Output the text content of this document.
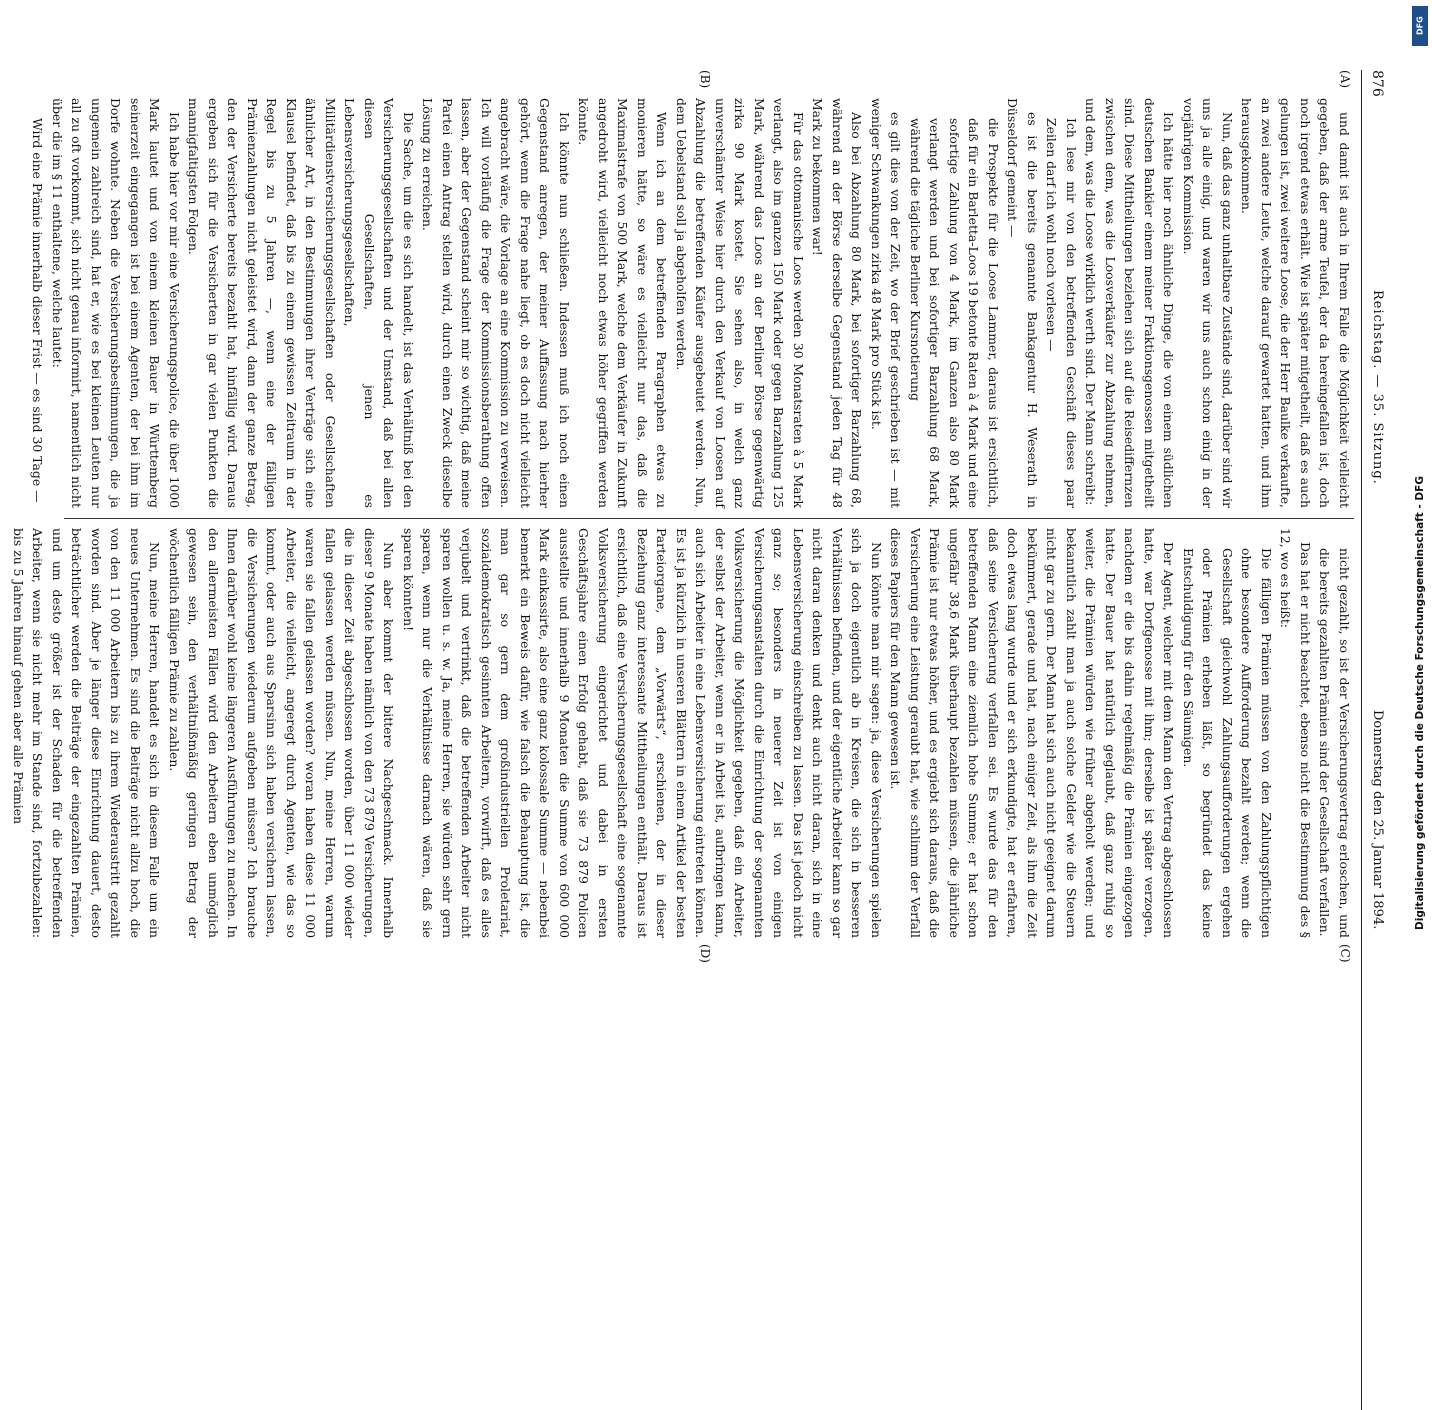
876
Reichstag. — 35. Sitzung.
Donnerstag den 25. Januar 1894.
(A)
(B)
(C)
(D)

und damit ist auch in Ihrem Falle die Möglichkeit vielleicht gegeben, daß der arme Teufel, der da hereingefallen ist, doch noch irgend etwas erhält. Wie ist später mitgetheilt, daß es auch gelungen ist, zwei weitere Loose, die der Herr Baulke verkaufte, an zwei andere Leute, welche darauf gewartet hatten, und ihm herausgekommen.

Nun, daß das ganz unhaltbare Zustände sind, darüber sind wir uns ja alle einig, und waren wir uns auch schon einig in der vorjährigen Kommission.

Ich hätte hier noch ähnliche Dinge, die von einem südlichen deutschen Bankier einem meiner Fraktionsgenossen mitgetheilt sind. Diese Mittheilungen beziehen sich auf die Reisediffernzen zwischen dem, was die Loosverkäufer zur Abzahlung nehmen, und dem, was die Loose wirklich werth sind. Der Mann schreibt:

Ich lese mir von den betreffenden Geschäft dieses paar Zeilen darf ich wohl noch vorlesen —

es ist die bereits genannte Bankagentur H. Weserath in Düsseldorf gemeint —

die Prospekte für die Loose Lammer, daraus ist ersichtlich, daß für ein Barletta-Loos 19 betonte Raten à 4 Mark und eine sofortige Zahlung von 4 Mark, im Ganzen also 80 Mark verlangt werden und bei sofortiger Barzahlung 68 Mark, während die tägliche Berliner Kursnotierung

es gilt dies von der Zeit, wo der Brief geschrieben ist — mit weniger Schwankungen zirka 48 Mark pro Stück ist.

Also bei Abzahlung 80 Mark, bei sofortiger Barzahlung 68, während an der Börse derselbe Gegenstand jeden Tag für 48 Mark zu bekommen war!

Für das ottomanische Loos werden 30 Monatsraten à 5 Mark verlangt, also im ganzen 150 Mark oder gegen Barzahlung 125 Mark, während das Loos an der Berliner Börse gegenwärtig zirka 90 Mark kostet. Sie sehen also, in welch ganz unverschämter Weise hier durch den Verkauf von Loosen auf Abzahlung die betreffenden Käufer ausgebeutet werden. Nun, dem Uebelstand soll ja abgeholfen werden.

Wenn ich an dem betreffenden Paragraphen etwas zu monieren hätte, so wäre es vielleicht nur das, daß die Maximalstrafe von 500 Mark, welche dem Verkäufer in Zukunft angedroht wird, vielleicht noch etwas höher gegriffen werden könnte.

Ich könnte nun schließen. Indessen muß ich noch einen Gegenstand anregen, der meiner Auffassung nach hierher gehört, wenn die Frage nahe liegt, ob es doch nicht vielleicht angebracht wäre, die Vorlage an eine Kommission zu verweisen. Ich will vorläufig die Frage der Kommissionsberathung offen lassen, aber der Gegenstand scheint mir so wichtig, daß meine Partei einen Antrag stellen wird, durch einen Zweck dieselbe Lösung zu erreichen.

Die Sache, um die es sich handelt, ist das Verhältniß bei den Versicherungsgesellschaften und der Umstand, daß bei allen diesen Gesellschaften, jenen es Lebensversicherungsgesellschaften, Militärdienstversicherungsgesellschaften oder Gesellschaften ähnlicher Art, in den Bestimmungen ihrer Verträge sich eine Klausel befindet, daß bis zu einem gewissen Zeitraum in der Regel bis zu 5 Jahren —, wenn eine der fälligen Prämienzahlungen nicht geleistet wird, dann der ganze Betrag, den der Versicherte bereits bezahlt hat, hinfällig wird. Daraus ergeben sich für die Versicherten in gar vielen Punkten die mannigfaltigsten Folgen.

Ich habe hier vor mir eine Versicherungspolice, die über 1000 Mark lautet und von einem kleinen Bauer in Württemberg seinerzeit eingegangen ist bei einem Agenten, der bei ihm im Dorfe wohnte. Neben die Versicherungsbestimmungen, die ja ungemein zahlreich sind, hat er, wie es bei kleinen Leuten nur all zu oft vorkommt, sich nicht genau informirt, namentlich nicht über die im § 11 enthaltene, welche lautet:

Wird eine Prämie innerhalb dieser Frist — es sind 30 Tage —

nicht gezahlt, so ist der Versicherungsvertrag erloschen, und die bereits gezahlten Prämien sind der Gesellschaft verfallen.

Das hat er nicht beachtet, ebenso nicht die Bestimmung des § 12, wo es heißt:

Die fälligen Prämien müssen von den Zahlungspflichtigen ohne besondere Aufforderung bezahlt werden; wenn die Gesellschaft gleichwohl Zahlungsaufforderungen ergehen oder Prämien erheben läßt, so begründet das keine Entschuldigung für den Säumigen.

Der Agent, welcher mit dem Mann den Vertrag abgeschlossen hatte, war Dorfgenosse mit ihm; derselbe ist später verzogen, nachdem er die bis dahin regelmäßig die Prämien eingezogen hatte. Der Bauer hat natürlich geglaubt, daß ganz ruhig so weiter, die Prämien würden wie früher abgeholt werden; und bekanntlich zahlt man ja auch solche Gelder wie die Steuern nicht gar zu gern. Der Mann hat sich auch nicht geeignet darum bekümmert, gerade und hat, nach einiger Zeit, als ihm die Zeit doch etwas lang wurde und er sich erkundigte, hat er erfahren, daß seine Versicherung verfallen sei. Es wurde das für den betreffenden Mann eine ziemlich hohe Summe; er hat schon ungefähr 38,6 Mark überhaupt bezahlen müssen, die jährliche Prämie ist nur etwas höher, und es ergiebt sich daraus, daß die Versicherung eine Leistung geraubt hat, wie schlimm der Verfall dieses Papiers für den Mann gewesen ist.

Nun könnte man mir sagen: ja, diese Versicherungen spielen sich ja doch eigentlich ab in Kreisen, die sich in besseren Verhältnissen befinden, und der eigentliche Arbeiter kann so gar nicht daran denken und denkt auch nicht daran, sich in eine Lebensversicherung einschreiben zu lassen. Das ist jedoch nicht ganz so; besonders in neuerer Zeit ist von einigen Versicherungsanstalten durch die Einrichtung der sogenannten Volksversicherung die Möglichkeit gegeben, daß ein Arbeiter, der selbst der Arbeiter, wenn er in Arbeit ist, aufbringen kann, auch sich Arbeiter in eine Lebensversicherung eintreten können. Es ist ja kürzlich in unseren Blättern in einem Artikel der besten Parteiorgane, dem „Vorwärts“, erschienen, der in dieser Beziehung ganz interessante Mittheilungen enthält. Daraus ist ersichtlich, daß eine Versicherungsgesellschaft eine sogenannte Volksversicherung eingerichtet und dabei in ersten Geschäftsjahre einen Erfolg gehabt, daß sie 73 879 Policen ausstellte und innerhalb 9 Monaten die Summe von 600 000 Mark einkassirte, also eine ganz kolossale Summe — nebenbei bemerkt ein Beweis dafür, wie falsch die Behauptung ist, die man gar so gern dem großindustriellen Proletariat, sozialdemokratisch gesinnten Arbeitern, vorwirft, daß es alles verjubelt und vertrinkt, daß die betreffenden Arbeiter nicht sparen wollen u. s. w. Ja, meine Herren, sie würden sehr gern sparen, wenn nur die Verhältnisse darnach wären, daß sie sparen könnten!

Nun aber kommt der bittere Nachgeschmack. Innerhalb dieser 9 Monate haben nämlich von den 73 879 Versicherungen, die in dieser Zeit abgeschlossen worden, über 11 000 wieder fallen gelassen werden müssen. Nun, meine Herren, warum waren sie fallen gelassen worden? woran haben diese 11 000 Arbeiter, die vielleicht, angeregt durch Agenten, wie das so kommt, oder auch aus Sparsinn sich haben versichern lassen, die Versicherungen wiederum aufgeben müssen? Ich brauche Ihnen darüber wohl keine längeren Ausführungen zu machen. In den allermeisten Fällen wird den Arbeitern eben unmöglich gewesen sein, den verhältnißmäßig geringen Betrag der wöchentlich fälligen Prämie zu zahlen.

Nun, meine Herren, handelt es sich in diesem Falle um ein neues Unternehmen. Es sind die Beiträge nicht allzu hoch, die von den 11 000 Arbeitern bis zu ihrem Wiederaustritt gezahlt worden sind. Aber je länger diese Einrichtung dauert, desto beträchtlicher werden die Beiträge der eingezahlten Prämien, und um desto größer ist der Schaden für die betreffenden Arbeiter, wenn sie nicht mehr im Stande sind, fortzubezahlen: bis zu 5 Jahren hinauf gehen aber alle Prämien

DFG
Digitalisierung gefördert durch die Deutsche Forschungsgemeinschaft - DFG
